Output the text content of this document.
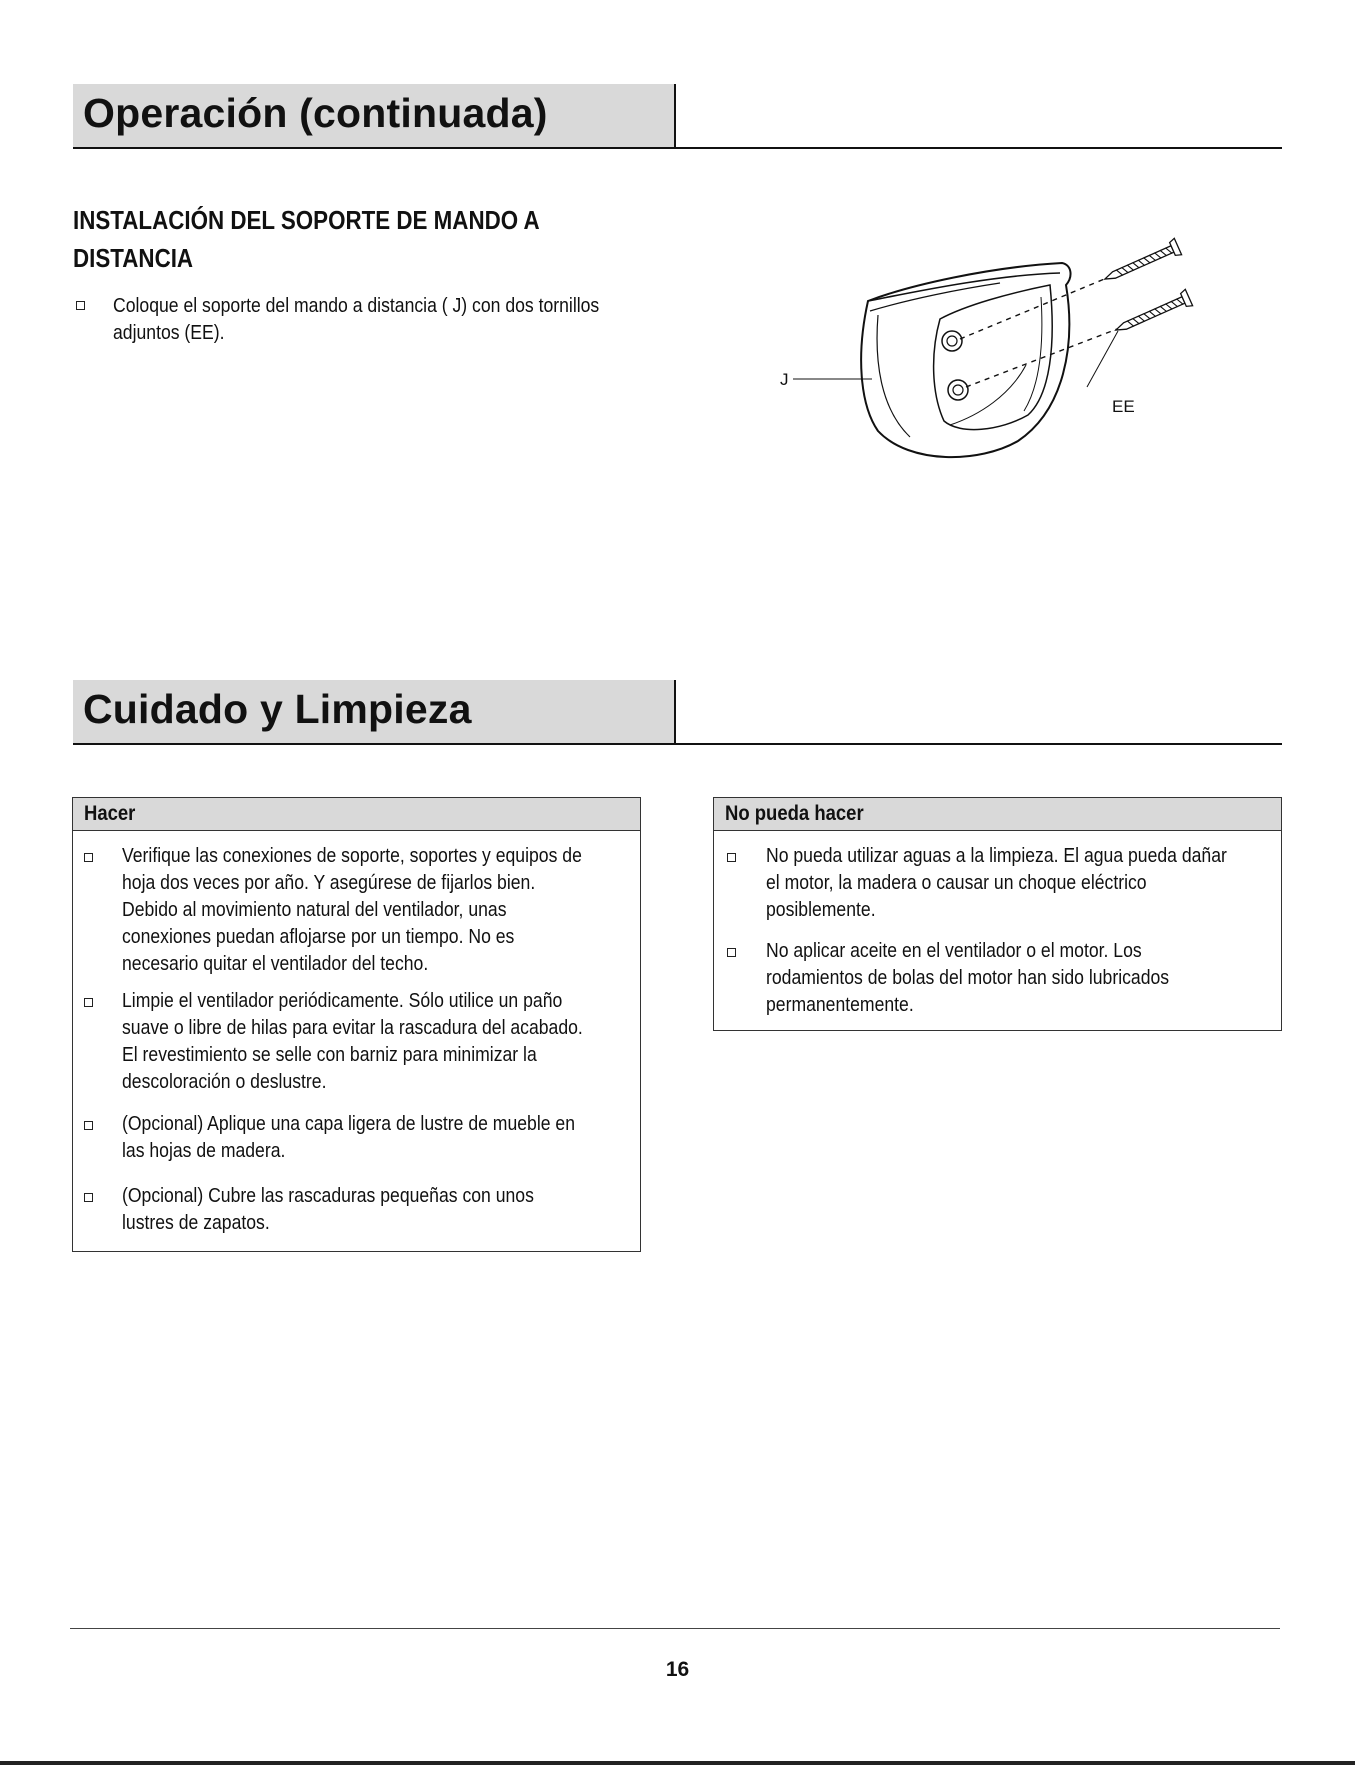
Operación (continuada)
INSTALACIÓN DEL SOPORTE DE MANDO A DISTANCIA
Coloque el soporte del mando a distancia ( J) con dos tornillos
adjuntos (EE).
J
EE
Cuidado y Limpieza
Hacer
Verifique las conexiones de soporte, soportes y equipos de
hoja dos veces por año. Y asegúrese de fijarlos bien.
Debido al movimiento natural del ventilador, unas
conexiones puedan aflojarse por un tiempo. No es
necesario quitar el ventilador del techo.
Limpie el ventilador periódicamente. Sólo utilice un paño
suave o libre de hilas para evitar la rascadura del acabado.
El revestimiento se selle con barniz para minimizar la
descoloración o deslustre.
(Opcional) Aplique una capa ligera de lustre de mueble en
las hojas de madera.
(Opcional) Cubre las rascaduras pequeñas con unos
lustres de zapatos.
No pueda hacer
No pueda utilizar aguas a la limpieza. El agua pueda dañar
el motor, la madera o causar un choque eléctrico
posiblemente.
No aplicar aceite en el ventilador o el motor. Los
rodamientos de bolas del motor han sido lubricados
permanentemente.
16
